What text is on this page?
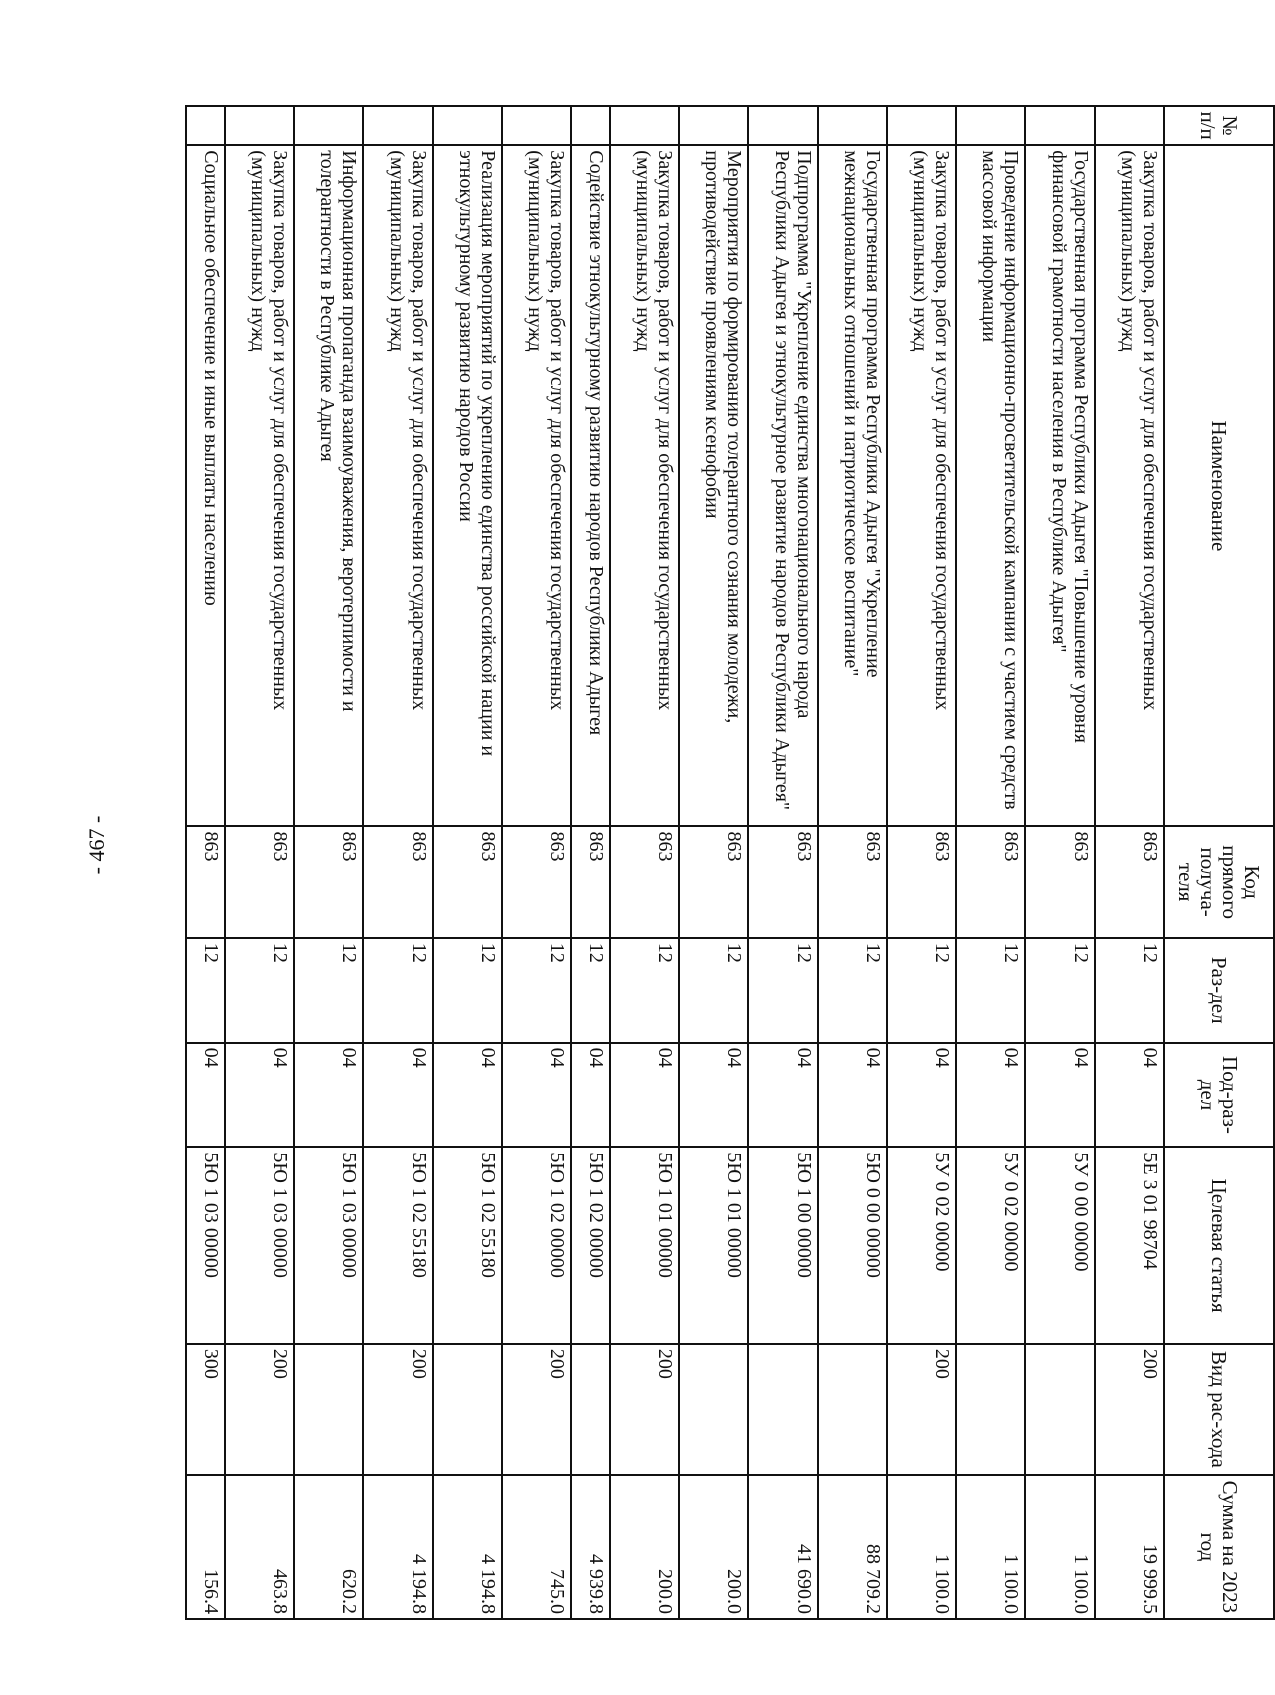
- 467 -
№ п/п	Наименование	Код прямого получа-теля	Раз-дел	Под-раз-дел	Целевая статья	Вид рас-хода	Сумма на 2023 год
	Закупка товаров, работ и услуг для обеспечения государственных (муниципальных) нужд	863	12	04	5Е 3 01 98704	200	19 999.5
	Государственная программа Республики Адыгея "Повышение уровня финансовой грамотности населения в Республике Адыгея"	863	12	04	5У 0 00 00000		1 100.0
	Проведение информационно-просветительской кампании с участием средств массовой информации	863	12	04	5У 0 02 00000		1 100.0
	Закупка товаров, работ и услуг для обеспечения государственных (муниципальных) нужд	863	12	04	5У 0 02 00000	200	1 100.0
	Государственная программа Республики Адыгея "Укрепление межнациональных отношений и патриотическое воспитание"	863	12	04	5Ю 0 00 00000		88 709.2
	Подпрограмма "Укрепление единства многонационального народа Республики Адыгея и этнокультурное развитие народов Республики Адыгея"	863	12	04	5Ю 1 00 00000		41 690.0
	Мероприятия по формированию толерантного сознания молодежи, противодействие проявлениям ксенофобии	863	12	04	5Ю 1 01 00000		200.0
	Закупка товаров, работ и услуг для обеспечения государственных (муниципальных) нужд	863	12	04	5Ю 1 01 00000	200	200.0
	Содействие этнокультурному развитию народов Республики Адыгея	863	12	04	5Ю 1 02 00000		4 939.8
	Закупка товаров, работ и услуг для обеспечения государственных (муниципальных) нужд	863	12	04	5Ю 1 02 00000	200	745.0
	Реализация мероприятий по укреплению единства российской нации и этнокультурному развитию народов России	863	12	04	5Ю 1 02 55180		4 194.8
	Закупка товаров, работ и услуг для обеспечения государственных (муниципальных) нужд	863	12	04	5Ю 1 02 55180	200	4 194.8
	Информационная пропаганда взаимоуважения, веротерпимости и толерантности в Республике Адыгея	863	12	04	5Ю 1 03 00000		620.2
	Закупка товаров, работ и услуг для обеспечения государственных (муниципальных) нужд	863	12	04	5Ю 1 03 00000	200	463.8
	Социальное обеспечение и иные выплаты населению	863	12	04	5Ю 1 03 00000	300	156.4
